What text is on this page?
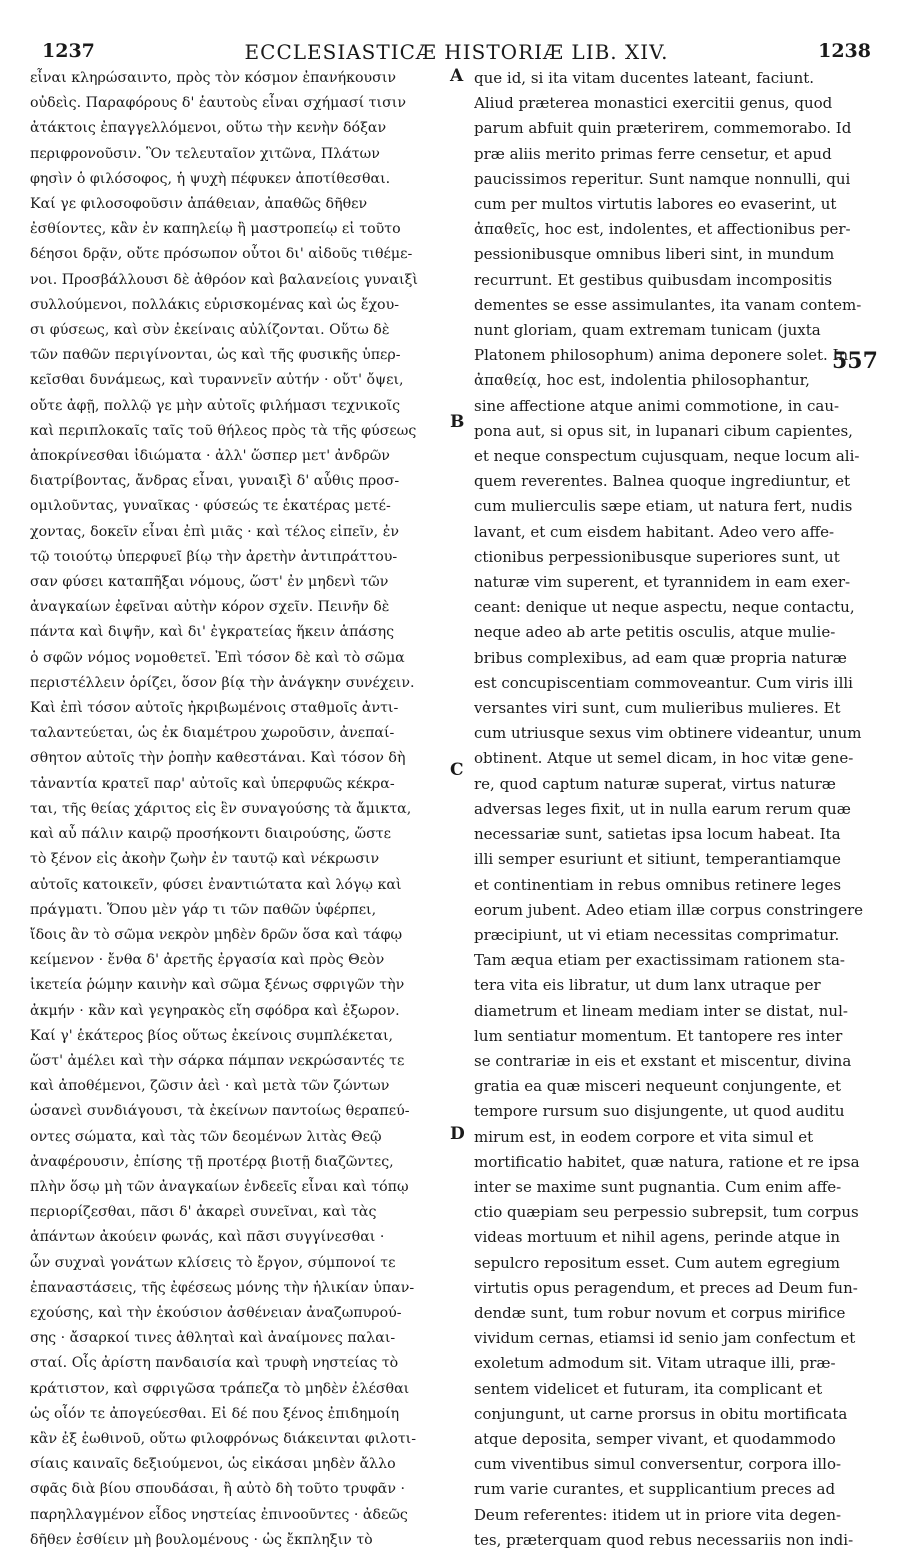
1237	ECCLESIASTICÆ HISTORIÆ LIB. XIV.	1238
εἶναι κληρώσαιντο, πρὸς τὸν κόσμον ἐπανήκουσιν
οὐδεὶς. Παραφόρους δ' ἑαυτοὺς εἶναι σχήμασί τισιν
ἀτάκτοις ἐπαγγελλόμενοι, οὕτω τὴν κενὴν δόξαν
περιφρονοῦσιν. Ὃν τελευταῖον χιτῶνα, Πλάτων
φησὶν ὁ φιλόσοφος, ἡ ψυχὴ πέφυκεν ἀποτίθεσθαι.
Καί γε φιλοσοφοῦσιν ἀπάθειαν, ἀπαθῶς δῆθεν
ἐσθίοντες, κἂν ἐν καπηλείῳ ἢ μαστροπείῳ εἰ τοῦτο
δέησοι δρᾷν, οὔτε πρόσωπον οὗτοι δι' αἰδοῦς τιθέμε-
νοι. Προσβάλλουσι δὲ ἀθρόον καὶ βαλανείοις γυναιξὶ
συλλούμενοι, πολλάκις εὑρισκομένας καὶ ὡς ἔχου-
σι φύσεως, καὶ σὺν ἐκείναις αὐλίζονται. Οὕτω δὲ
τῶν παθῶν περιγίνονται, ὡς καὶ τῆς φυσικῆς ὑπερ-
κεῖσθαι δυνάμεως, καὶ τυραννεῖν αὐτήν · οὔτ' ὄψει,
οὔτε ἀφῇ, πολλῷ γε μὴν αὐτοῖς φιλήμασι τεχνικοῖς
καὶ περιπλοκαῖς ταῖς τοῦ θήλεος πρὸς τὰ τῆς φύσεως
ἀποκρίνεσθαι ἰδιώματα · ἀλλ' ὥσπερ μετ' ἀνδρῶν
διατρίβοντας, ἄνδρας εἶναι, γυναιξὶ δ' αὖθις προσ-
ομιλοῦντας, γυναῖκας · φύσεώς τε ἑκατέρας μετέ-
χοντας, δοκεῖν εἶναι ἐπὶ μιᾶς · καὶ τέλος εἰπεῖν, ἐν
τῷ τοιούτῳ ὑπερφυεῖ βίῳ τὴν ἀρετὴν ἀντιπράττου-
σαν φύσει καταπῆξαι νόμους, ὥστ' ἐν μηδενὶ τῶν
ἀναγκαίων ἐφεῖναι αὐτὴν κόρον σχεῖν. Πεινῆν δὲ
πάντα καὶ διψῆν, καὶ δι' ἐγκρατείας ἥκειν ἁπάσης
ὁ σφῶν νόμος νομοθετεῖ. Ἐπὶ τόσον δὲ καὶ τὸ σῶμα
περιστέλλειν ὁρίζει, ὅσον βίᾳ τὴν ἀνάγκην συνέχειν.
Καὶ ἐπὶ τόσον αὐτοῖς ἠκριβωμένοις σταθμοῖς ἀντι-
ταλαντεύεται, ὡς ἐκ διαμέτρου χωροῦσιν, ἀνεπαί-
σθητον αὐτοῖς τὴν ῥοπὴν καθεστάναι. Καὶ τόσον δὴ
τἀναντία κρατεῖ παρ' αὐτοῖς καὶ ὑπερφυῶς κέκρα-
ται, τῆς θείας χάριτος εἰς ἓν συναγούσης τὰ ἄμικτα,
καὶ αὖ πάλιν καιρῷ προσήκοντι διαιρούσης, ὥστε
τὸ ξένον εἰς ἀκοὴν ζωὴν ἐν ταυτῷ καὶ νέκρωσιν
αὐτοῖς κατοικεῖν, φύσει ἐναντιώτατα καὶ λόγῳ καὶ
πράγματι. Ὅπου μὲν γάρ τι τῶν παθῶν ὑφέρπει,
ἴδοις ἂν τὸ σῶμα νεκρὸν μηδὲν δρῶν ὅσα καὶ τάφῳ
κείμενον · ἔνθα δ' ἀρετῆς ἐργασία καὶ πρὸς Θεὸν
ἱκετεία ῥώμην καινὴν καὶ σῶμα ξένως σφριγῶν τὴν
ἀκμήν · κἂν καὶ γεγηρακὸς εἴη σφόδρα καὶ ἐξωρον.
Καί γ' ἑκάτερος βίος οὕτως ἐκείνοις συμπλέκεται,
ὥστ' ἀμέλει καὶ τὴν σάρκα πάμπαν νεκρώσαντές τε
καὶ ἀποθέμενοι, ζῶσιν ἀεὶ · καὶ μετὰ τῶν ζώντων
ὡσανεὶ συνδιάγουσι, τὰ ἐκείνων παντοίως θεραπεύ-
οντες σώματα, καὶ τὰς τῶν δεομένων λιτὰς Θεῷ
ἀναφέρουσιν, ἐπίσης τῇ προτέρᾳ βιοτῇ διαζῶντες,
πλὴν ὅσῳ μὴ τῶν ἀναγκαίων ἐνδεεῖς εἶναι καὶ τόπῳ
περιορίζεσθαι, πᾶσι δ' ἀκαρεὶ συνεῖναι, καὶ τὰς
ἁπάντων ἀκούειν φωνάς, καὶ πᾶσι συγγίνεσθαι ·
ὧν συχναὶ γονάτων κλίσεις τὸ ἔργον, σύμπονοί τε
ἐπαναστάσεις, τῆς ἐφέσεως μόνης τὴν ἡλικίαν ὑπαν-
εχούσης, καὶ τὴν ἑκούσιον ἀσθένειαν ἀναζωπυρού-
σης · ἄσαρκοί τινες ἀθληταὶ καὶ ἀναίμονες παλαι-
σταί. Οἷς ἀρίστη πανδαισία καὶ τρυφὴ νηστείας τὸ
κράτιστον, καὶ σφριγῶσα τράπεζα τὸ μηδὲν ἐλέσθαι
ὡς οἷόν τε ἀπογεύεσθαι. Εἰ δέ που ξένος ἐπιδημοίη
κἂν ἐξ ἑωθινοῦ, οὕτω φιλοφρόνως διάκεινται φιλοτι-
σίαις καιναῖς δεξιούμενοι, ὡς εἰκάσαι μηδὲν ἄλλο
σφᾶς διὰ βίου σπουδάσαι, ἢ αὐτὸ δὴ τοῦτο τρυφᾶν ·
παρηλλαγμένον εἶδος νηστείας ἐπινοοῦντες · ἀδεῶς
δῆθεν ἐσθίειν μὴ βουλομένους · ὡς ἔκπληξιν τὸ
que id, si ita vitam ducentes lateant, faciunt.
Aliud præterea monastici exercitii genus, quod
parum abfuit quin præterirem, commemorabo. Id
præ aliis merito primas ferre censetur, et apud
paucissimos reperitur. Sunt namque nonnulli, qui
cum per multos virtutis labores eo evaserint, ut
ἀπαθεῖς, hoc est, indolentes, et affectionibus per-
pessionibusque omnibus liberi sint, in mundum
recurrunt. Et gestibus quibusdam incompositis
dementes se esse assimulantes, ita vanam contem-
nunt gloriam, quam extremam tunicam (juxta
Platonem philosophum) anima deponere solet. In
ἀπαθείᾳ, hoc est, indolentia philosophantur,
sine affectione atque animi commotione, in cau-
pona aut, si opus sit, in lupanari cibum capientes,
et neque conspectum cujusquam, neque locum ali-
quem reverentes. Balnea quoque ingrediuntur, et
cum mulierculis sæpe etiam, ut natura fert, nudis
lavant, et cum eisdem habitant. Adeo vero affe-
ctionibus perpessionibusque superiores sunt, ut
naturæ vim superent, et tyrannidem in eam exer-
ceant: denique ut neque aspectu, neque contactu,
neque adeo ab arte petitis osculis, atque mulie-
bribus complexibus, ad eam quæ propria naturæ
est concupiscentiam commoveantur. Cum viris illi
versantes viri sunt, cum mulieribus mulieres. Et
cum utriusque sexus vim obtinere videantur, unum
obtinent. Atque ut semel dicam, in hoc vitæ gene-
re, quod captum naturæ superat, virtus naturæ
adversas leges fixit, ut in nulla earum rerum quæ
necessariæ sunt, satietas ipsa locum habeat. Ita
illi semper esuriunt et sitiunt, temperantiamque
et continentiam in rebus omnibus retinere leges
eorum jubent. Adeo etiam illæ corpus constringere
præcipiunt, ut vi etiam necessitas comprimatur.
Tam æqua etiam per exactissimam rationem sta-
tera vita eis libratur, ut dum lanx utraque per
diametrum et lineam mediam inter se distat, nul-
lum sentiatur momentum. Et tantopere res inter
se contrariæ in eis et exstant et miscentur, divina
gratia ea quæ misceri nequeunt conjungente, et
tempore rursum suo disjungente, ut quod auditu
mirum est, in eodem corpore et vita simul et
mortificatio habitet, quæ natura, ratione et re ipsa
inter se maxime sunt pugnantia. Cum enim affe-
ctio quæpiam seu perpessio subrepsit, tum corpus
videas mortuum et nihil agens, perinde atque in
sepulcro repositum esset. Cum autem egregium
virtutis opus peragendum, et preces ad Deum fun-
dendæ sunt, tum robur novum et corpus mirifice
vividum cernas, etiamsi id senio jam confectum et
exoletum admodum sit. Vitam utraque illi, præ-
sentem videlicet et futuram, ita complicant et
conjungunt, ut carne prorsus in obitu mortificata
atque deposita, semper vivant, et quodammodo
cum viventibus simul conversentur, corpora illo-
rum varie curantes, et supplicantium preces ad
Deum referentes: itidem ut in priore vita degen-
tes, præterquam quod rebus necessariis non indi-
A
B
C
D
557
